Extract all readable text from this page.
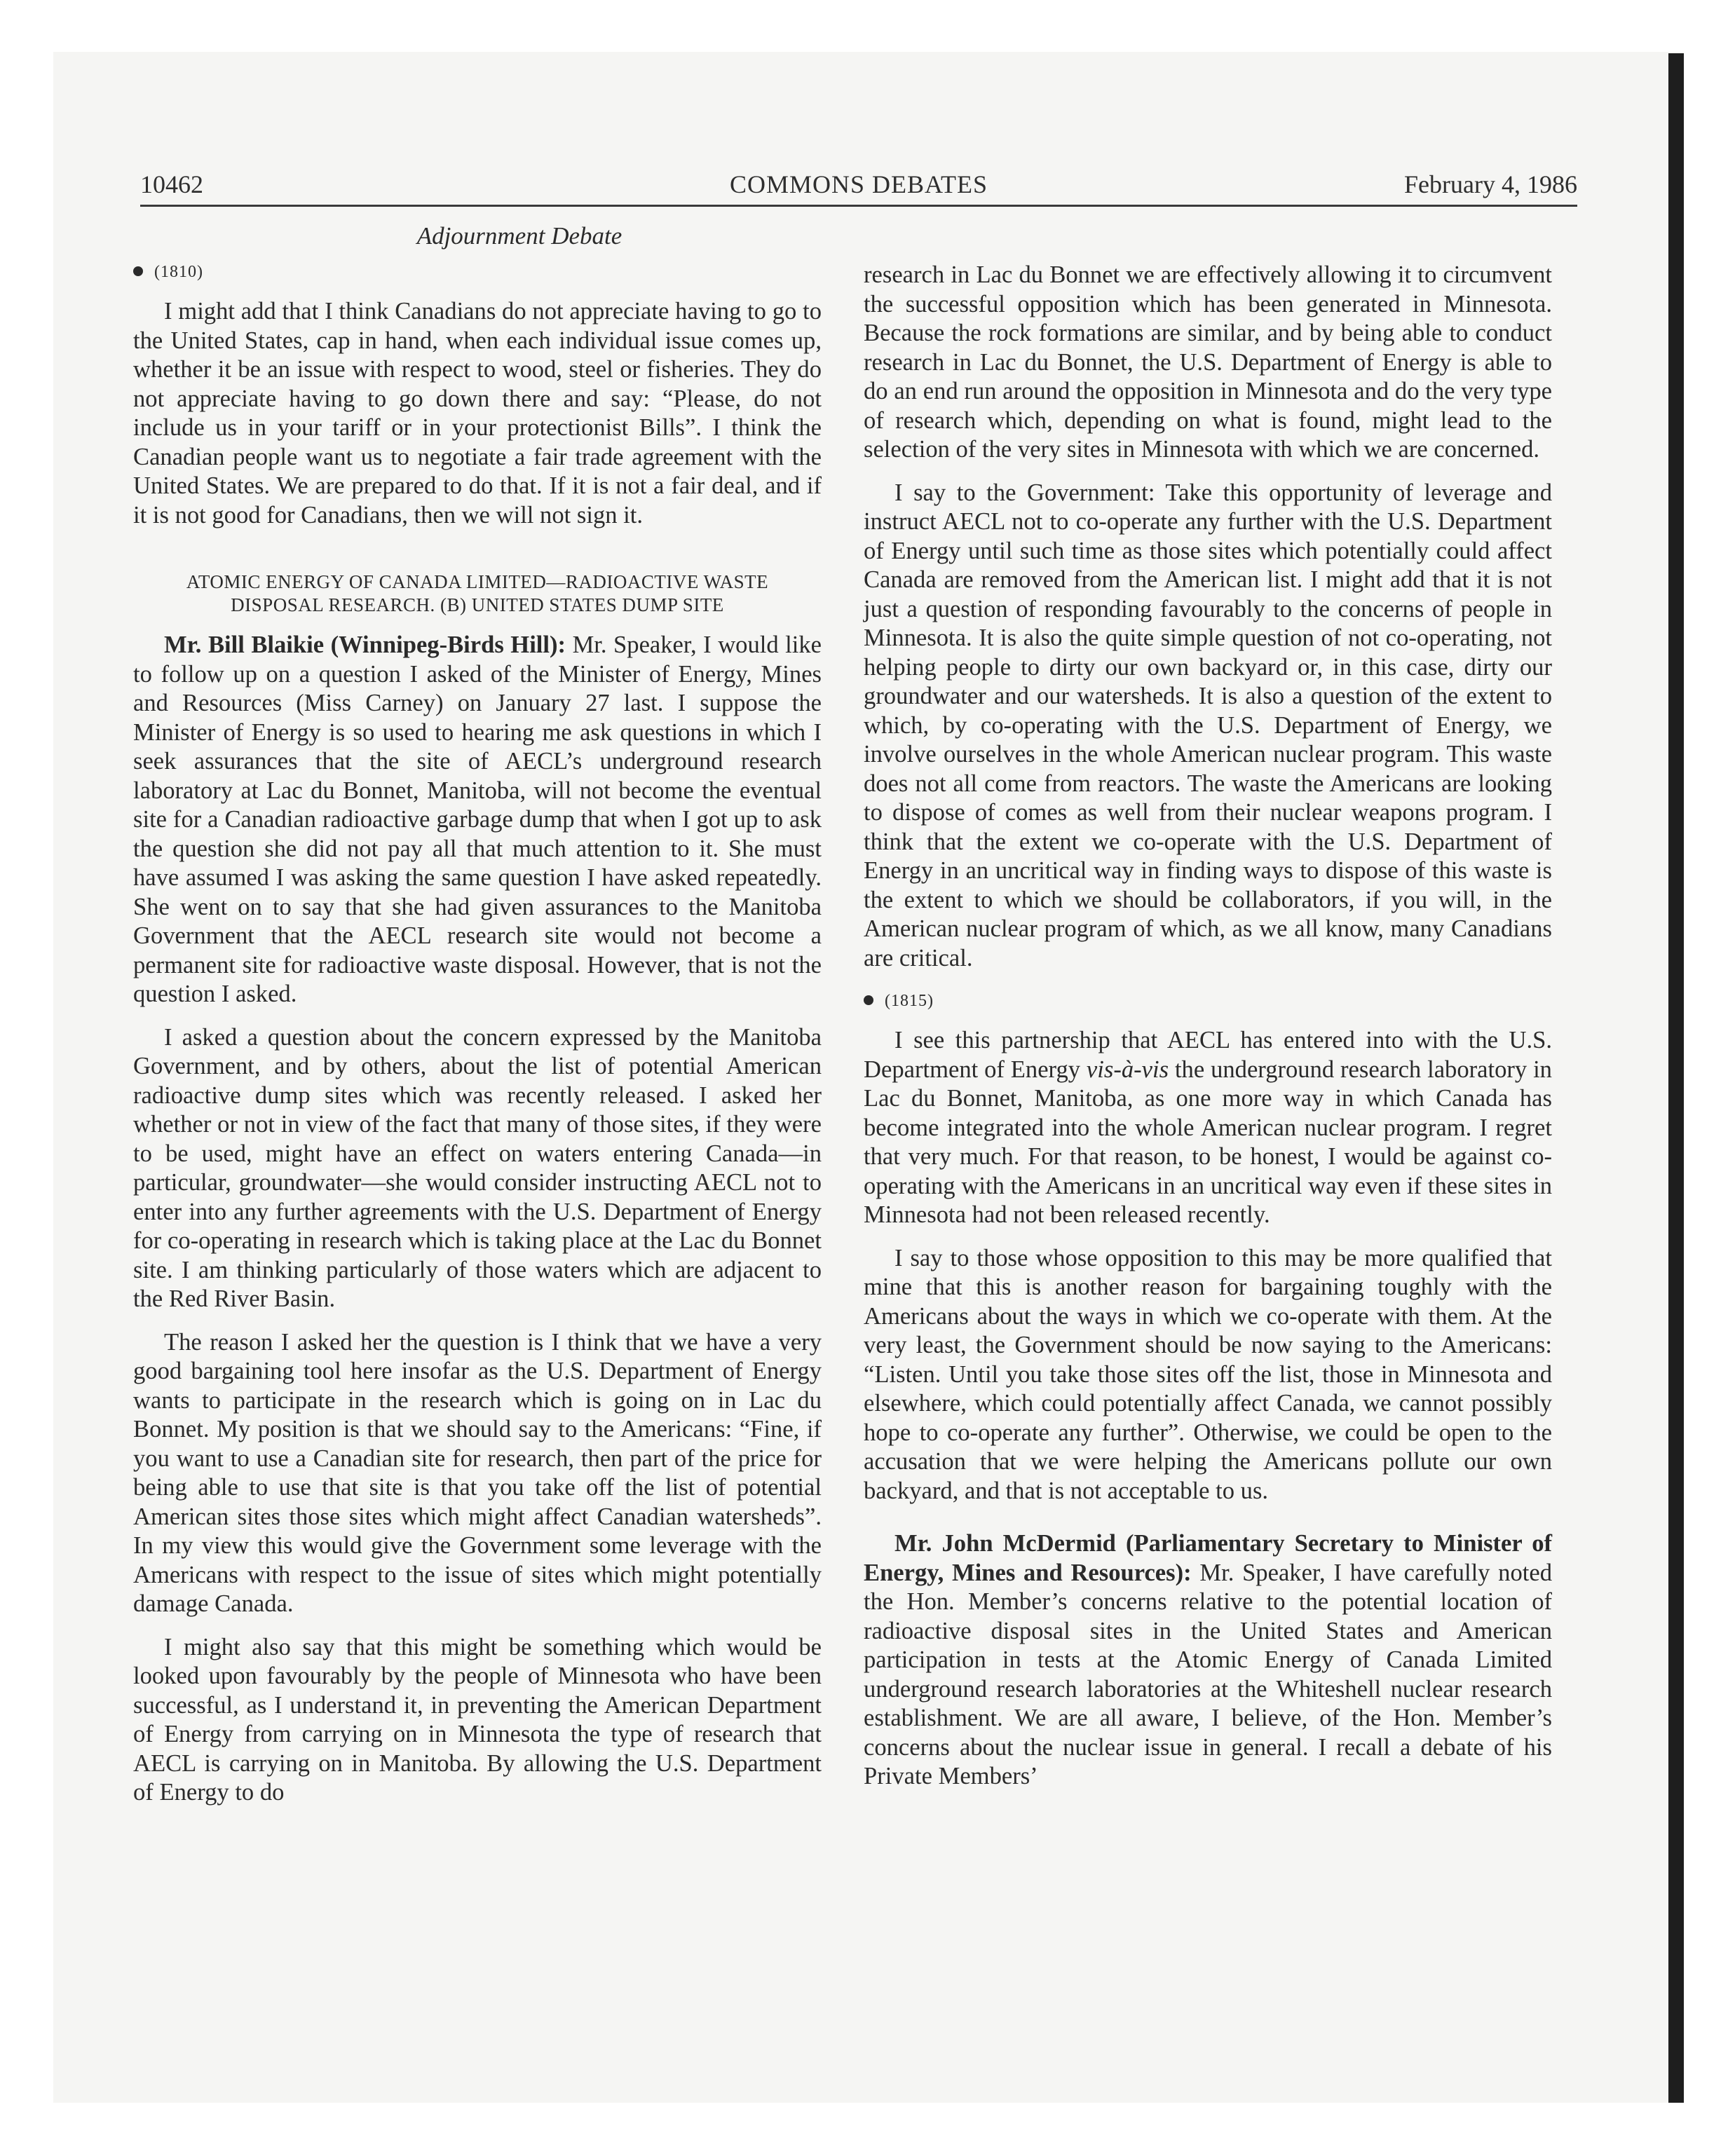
10462	COMMONS DEBATES	February 4, 1986
Adjournment Debate
(1810)

I might add that I think Canadians do not appreciate having to go to the United States, cap in hand, when each individual issue comes up, whether it be an issue with respect to wood, steel or fisheries. They do not appreciate having to go down there and say: “Please, do not include us in your tariff or in your protectionist Bills”. I think the Canadian people want us to negotiate a fair trade agreement with the United States. We are prepared to do that. If it is not a fair deal, and if it is not good for Canadians, then we will not sign it.

ATOMIC ENERGY OF CANADA LIMITED—RADIOACTIVE WASTE
DISPOSAL RESEARCH. (B) UNITED STATES DUMP SITE

Mr. Bill Blaikie (Winnipeg-Birds Hill): Mr. Speaker, I would like to follow up on a question I asked of the Minister of Energy, Mines and Resources (Miss Carney) on January 27 last. I suppose the Minister of Energy is so used to hearing me ask questions in which I seek assurances that the site of AECL’s underground research laboratory at Lac du Bonnet, Manitoba, will not become the eventual site for a Canadian radioactive garbage dump that when I got up to ask the question she did not pay all that much attention to it. She must have assumed I was asking the same question I have asked repeatedly. She went on to say that she had given assurances to the Manitoba Government that the AECL research site would not become a permanent site for radioactive waste disposal. However, that is not the question I asked.

I asked a question about the concern expressed by the Manitoba Government, and by others, about the list of potential American radioactive dump sites which was recently released. I asked her whether or not in view of the fact that many of those sites, if they were to be used, might have an effect on waters entering Canada—in particular, groundwater—she would consider instructing AECL not to enter into any further agreements with the U.S. Department of Energy for co-operating in research which is taking place at the Lac du Bonnet site. I am thinking particularly of those waters which are adjacent to the Red River Basin.

The reason I asked her the question is I think that we have a very good bargaining tool here insofar as the U.S. Department of Energy wants to participate in the research which is going on in Lac du Bonnet. My position is that we should say to the Americans: “Fine, if you want to use a Canadian site for research, then part of the price for being able to use that site is that you take off the list of potential American sites those sites which might affect Canadian watersheds”. In my view this would give the Government some leverage with the Americans with respect to the issue of sites which might potentially damage Canada.

I might also say that this might be something which would be looked upon favourably by the people of Minnesota who have been successful, as I understand it, in preventing the American Department of Energy from carrying on in Minnesota the type of research that AECL is carrying on in Manitoba. By allowing the U.S. Department of Energy to do

research in Lac du Bonnet we are effectively allowing it to circumvent the successful opposition which has been generated in Minnesota. Because the rock formations are similar, and by being able to conduct research in Lac du Bonnet, the U.S. Department of Energy is able to do an end run around the opposition in Minnesota and do the very type of research which, depending on what is found, might lead to the selection of the very sites in Minnesota with which we are concerned.

I say to the Government: Take this opportunity of leverage and instruct AECL not to co-operate any further with the U.S. Department of Energy until such time as those sites which potentially could affect Canada are removed from the American list. I might add that it is not just a question of responding favourably to the concerns of people in Minnesota. It is also the quite simple question of not co-operating, not helping people to dirty our own backyard or, in this case, dirty our groundwater and our watersheds. It is also a question of the extent to which, by co-operating with the U.S. Department of Energy, we involve ourselves in the whole American nuclear program. This waste does not all come from reactors. The waste the Americans are looking to dispose of comes as well from their nuclear weapons program. I think that the extent we co-operate with the U.S. Department of Energy in an uncritical way in finding ways to dispose of this waste is the extent to which we should be collaborators, if you will, in the American nuclear program of which, as we all know, many Canadians are critical.

(1815)

I see this partnership that AECL has entered into with the U.S. Department of Energy vis-à-vis the underground research laboratory in Lac du Bonnet, Manitoba, as one more way in which Canada has become integrated into the whole American nuclear program. I regret that very much. For that reason, to be honest, I would be against co-operating with the Americans in an uncritical way even if these sites in Minnesota had not been released recently.

I say to those whose opposition to this may be more qualified that mine that this is another reason for bargaining toughly with the Americans about the ways in which we co-operate with them. At the very least, the Government should be now saying to the Americans: “Listen. Until you take those sites off the list, those in Minnesota and elsewhere, which could potentially affect Canada, we cannot possibly hope to co-operate any further”. Otherwise, we could be open to the accusation that we were helping the Americans pollute our own backyard, and that is not acceptable to us.

Mr. John McDermid (Parliamentary Secretary to Minister of Energy, Mines and Resources): Mr. Speaker, I have carefully noted the Hon. Member’s concerns relative to the potential location of radioactive disposal sites in the United States and American participation in tests at the Atomic Energy of Canada Limited underground research laboratories at the Whiteshell nuclear research establishment. We are all aware, I believe, of the Hon. Member’s concerns about the nuclear issue in general. I recall a debate of his Private Members’
